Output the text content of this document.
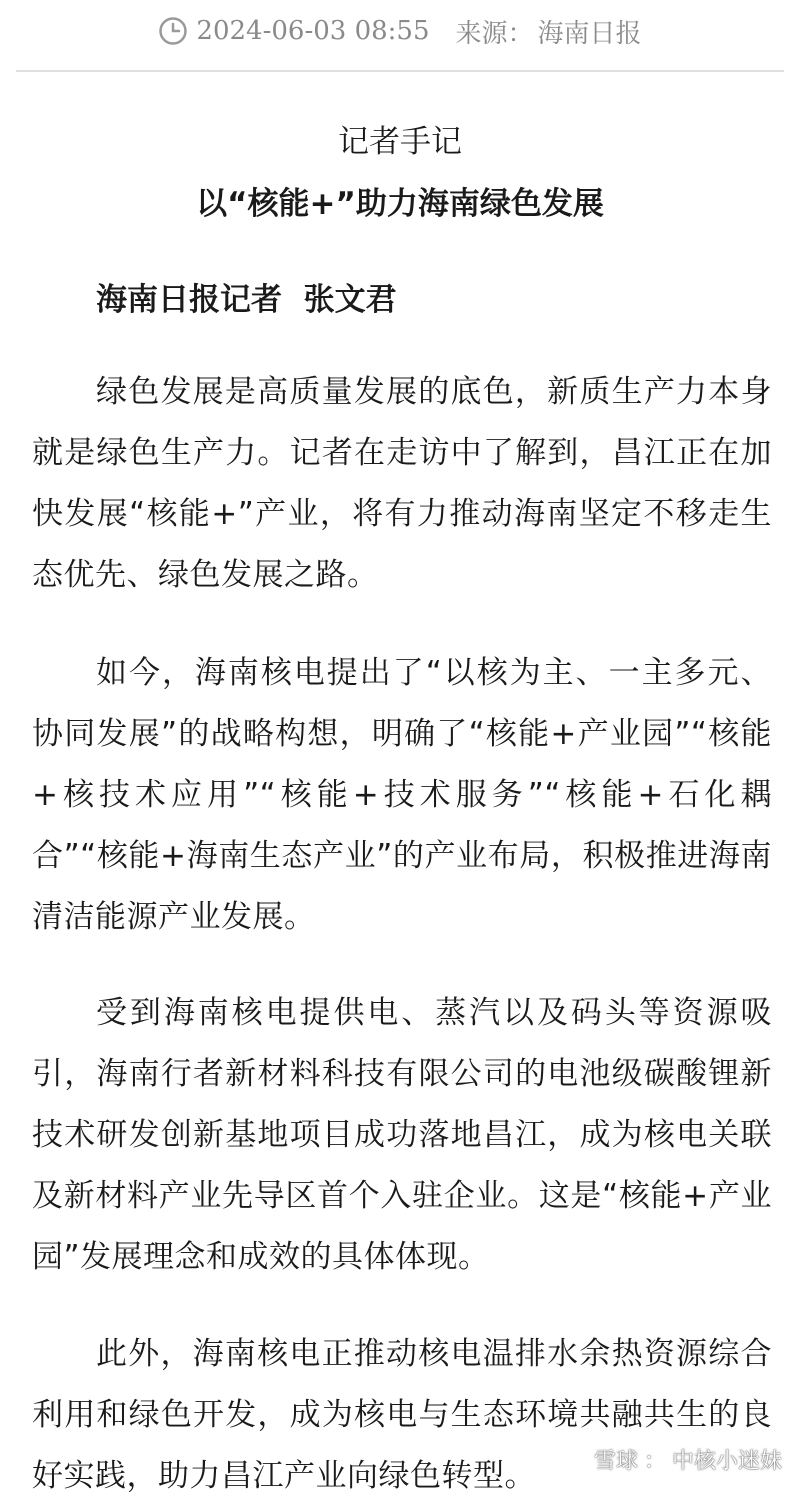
2024-06-03 08:55 来源： 海南日报
记者手记
以“核能+”助力海南绿色发展
海南日报记者  张文君

绿色发展是高质量发展的底色，新质生产力本身就是绿色生产力。记者在走访中了解到，昌江正在加快发展“核能+”产业，将有力推动海南坚定不移走生态优先、绿色发展之路。

如今，海南核电提出了“以核为主、一主多元、协同发展”的战略构想，明确了“核能+产业园”“核能+核技术应用”“核能+技术服务”“核能+石化耦合”“核能+海南生态产业”的产业布局，积极推进海南清洁能源产业发展。

受到海南核电提供电、蒸汽以及码头等资源吸引，海南行者新材料科技有限公司的电池级碳酸锂新技术研发创新基地项目成功落地昌江，成为核电关联及新材料产业先导区首个入驻企业。这是“核能+产业园”发展理念和成效的具体体现。

此外，海南核电正推动核电温排水余热资源综合利用和绿色开发，成为核电与生态环境共融共生的良好实践，助力昌江产业向绿色转型。	雪球 ： 中核小迷妹
